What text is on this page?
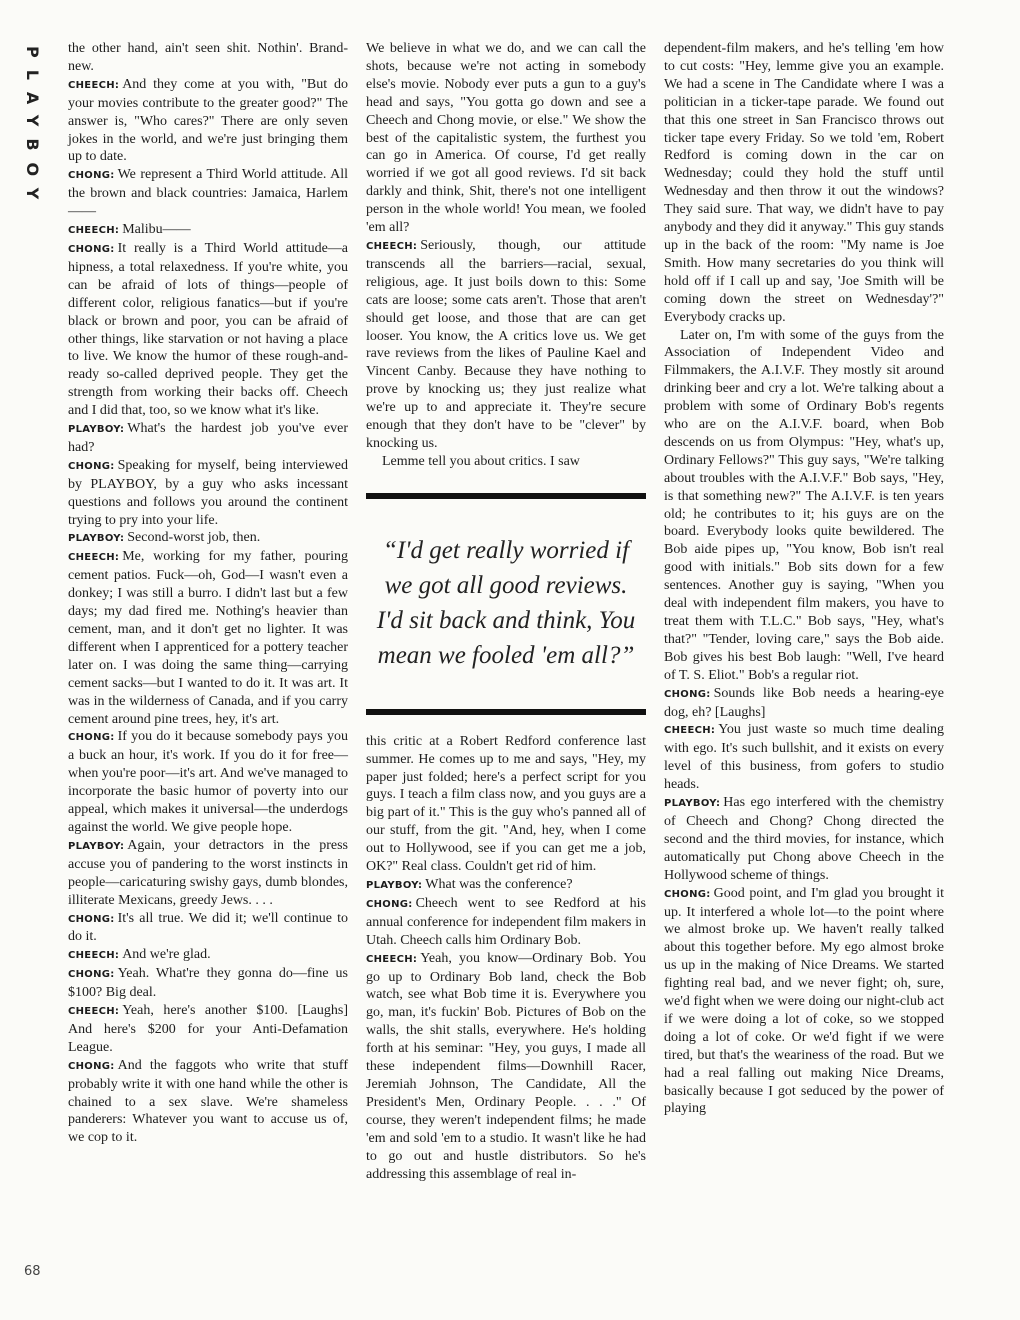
PLAYBOY
68

the other hand, ain't seen shit. Nothin'. Brand-new.

CHEECH: And they come at you with, "But do your movies contribute to the greater good?" The answer is, "Who cares?" There are only seven jokes in the world, and we're just bringing them up to date.

CHONG: We represent a Third World attitude. All the brown and black countries: Jamaica, Harlem——

CHEECH: Malibu——

CHONG: It really is a Third World attitude—a hipness, a total relaxedness. If you're white, you can be afraid of lots of things—people of different color, religious fanatics—but if you're black or brown and poor, you can be afraid of other things, like starvation or not having a place to live. We know the humor of these rough-and-ready so-called deprived people. They get the strength from working their backs off. Cheech and I did that, too, so we know what it's like.

PLAYBOY: What's the hardest job you've ever had?

CHONG: Speaking for myself, being interviewed by PLAYBOY, by a guy who asks incessant questions and follows you around the continent trying to pry into your life.

PLAYBOY: Second-worst job, then.

CHEECH: Me, working for my father, pouring cement patios. Fuck—oh, God—I wasn't even a donkey; I was still a burro. I didn't last but a few days; my dad fired me. Nothing's heavier than cement, man, and it don't get no lighter. It was different when I apprenticed for a pottery teacher later on. I was doing the same thing—carrying cement sacks—but I wanted to do it. It was art. It was in the wilderness of Canada, and if you carry cement around pine trees, hey, it's art.

CHONG: If you do it because somebody pays you a buck an hour, it's work. If you do it for free—when you're poor—it's art. And we've managed to incorporate the basic humor of poverty into our appeal, which makes it universal—the underdogs against the world. We give people hope.

PLAYBOY: Again, your detractors in the press accuse you of pandering to the worst instincts in people—caricaturing swishy gays, dumb blondes, illiterate Mexicans, greedy Jews. . . .

CHONG: It's all true. We did it; we'll continue to do it.

CHEECH: And we're glad.

CHONG: Yeah. What're they gonna do—fine us $100? Big deal.

CHEECH: Yeah, here's another $100. [Laughs] And here's $200 for your Anti-Defamation League.

CHONG: And the faggots who write that stuff probably write it with one hand while the other is chained to a sex slave. We're shameless panderers: Whatever you want to accuse us of, we cop to it.

We believe in what we do, and we can call the shots, because we're not acting in somebody else's movie. Nobody ever puts a gun to a guy's head and says, "You gotta go down and see a Cheech and Chong movie, or else." We show the best of the capitalistic system, the furthest you can go in America. Of course, I'd get really worried if we got all good reviews. I'd sit back darkly and think, Shit, there's not one intelligent person in the whole world! You mean, we fooled 'em all?

CHEECH: Seriously, though, our attitude transcends all the barriers—racial, sexual, religious, age. It just boils down to this: Some cats are loose; some cats aren't. Those that aren't should get loose, and those that are can get looser. You know, the A critics love us. We get rave reviews from the likes of Pauline Kael and Vincent Canby. Because they have nothing to prove by knocking us; they just realize what we're up to and appreciate it. They're secure enough that they don't have to be "clever" by knocking us.

Lemme tell you about critics. I saw

“I'd get really worried if we got all good reviews. I'd sit back and think, You mean we fooled 'em all?”

this critic at a Robert Redford conference last summer. He comes up to me and says, "Hey, my paper just folded; here's a perfect script for you guys. I teach a film class now, and you guys are a big part of it." This is the guy who's panned all of our stuff, from the git. "And, hey, when I come out to Hollywood, see if you can get me a job, OK?" Real class. Couldn't get rid of him.

PLAYBOY: What was the conference?

CHONG: Cheech went to see Redford at his annual conference for independent film makers in Utah. Cheech calls him Ordinary Bob.

CHEECH: Yeah, you know—Ordinary Bob. You go up to Ordinary Bob land, check the Bob watch, see what Bob time it is. Everywhere you go, man, it's fuckin' Bob. Pictures of Bob on the walls, the shit stalls, everywhere. He's holding forth at his seminar: "Hey, you guys, I made all these independent films—Downhill Racer, Jeremiah Johnson, The Candidate, All the President's Men, Ordinary People. . . ." Of course, they weren't independent films; he made 'em and sold 'em to a studio. It wasn't like he had to go out and hustle distributors. So he's addressing this assemblage of real in-

dependent-film makers, and he's telling 'em how to cut costs: "Hey, lemme give you an example. We had a scene in The Candidate where I was a politician in a ticker-tape parade. We found out that this one street in San Francisco throws out ticker tape every Friday. So we told 'em, Robert Redford is coming down in the car on Wednesday; could they hold the stuff until Wednesday and then throw it out the windows? They said sure. That way, we didn't have to pay anybody and they did it anyway." This guy stands up in the back of the room: "My name is Joe Smith. How many secretaries do you think will hold off if I call up and say, 'Joe Smith will be coming down the street on Wednesday'?" Everybody cracks up.

Later on, I'm with some of the guys from the Association of Independent Video and Filmmakers, the A.I.V.F. They mostly sit around drinking beer and cry a lot. We're talking about a problem with some of Ordinary Bob's regents who are on the A.I.V.F. board, when Bob descends on us from Olympus: "Hey, what's up, Ordinary Fellows?" This guy says, "We're talking about troubles with the A.I.V.F." Bob says, "Hey, is that something new?" The A.I.V.F. is ten years old; he contributes to it; his guys are on the board. Everybody looks quite bewildered. The Bob aide pipes up, "You know, Bob isn't real good with initials." Bob sits down for a few sentences. Another guy is saying, "When you deal with independent film makers, you have to treat them with T.L.C." Bob says, "Hey, what's that?" "Tender, loving care," says the Bob aide. Bob gives his best Bob laugh: "Well, I've heard of T. S. Eliot." Bob's a regular riot.

CHONG: Sounds like Bob needs a hearing-eye dog, eh? [Laughs]

CHEECH: You just waste so much time dealing with ego. It's such bullshit, and it exists on every level of this business, from gofers to studio heads.

PLAYBOY: Has ego interfered with the chemistry of Cheech and Chong? Chong directed the second and the third movies, for instance, which automatically put Chong above Cheech in the Hollywood scheme of things.

CHONG: Good point, and I'm glad you brought it up. It interfered a whole lot—to the point where we almost broke up. We haven't really talked about this together before. My ego almost broke us up in the making of Nice Dreams. We started fighting real bad, and we never fight; oh, sure, we'd fight when we were doing our night-club act if we were doing a lot of coke, so we stopped doing a lot of coke. Or we'd fight if we were tired, but that's the weariness of the road. But we had a real falling out making Nice Dreams, basically because I got seduced by the power of playing
